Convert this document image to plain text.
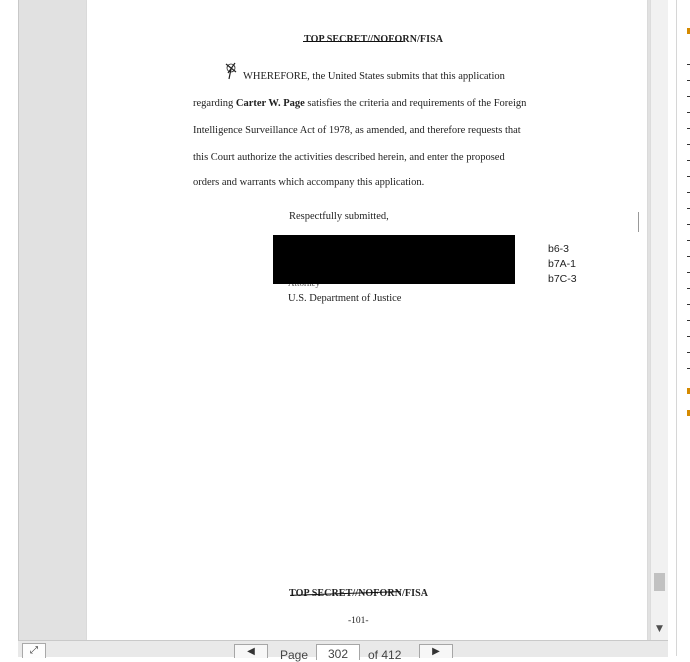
TOP SECRET//NOFORN/FISA
WHEREFORE, the United States submits that this application
regarding Carter W. Page satisfies the criteria and requirements of the Foreign
Intelligence Surveillance Act of 1978, as amended, and therefore requests that
this Court authorize the activities described herein, and enter the proposed
orders and warrants which accompany this application.
Respectfully submitted,
b6-3
b7A-1
b7C-3
U.S. Department of Justice
TOP SECRET//NOFORN/FISA
-101-
▼
⤢	◀	Page
302	of 412	▶
